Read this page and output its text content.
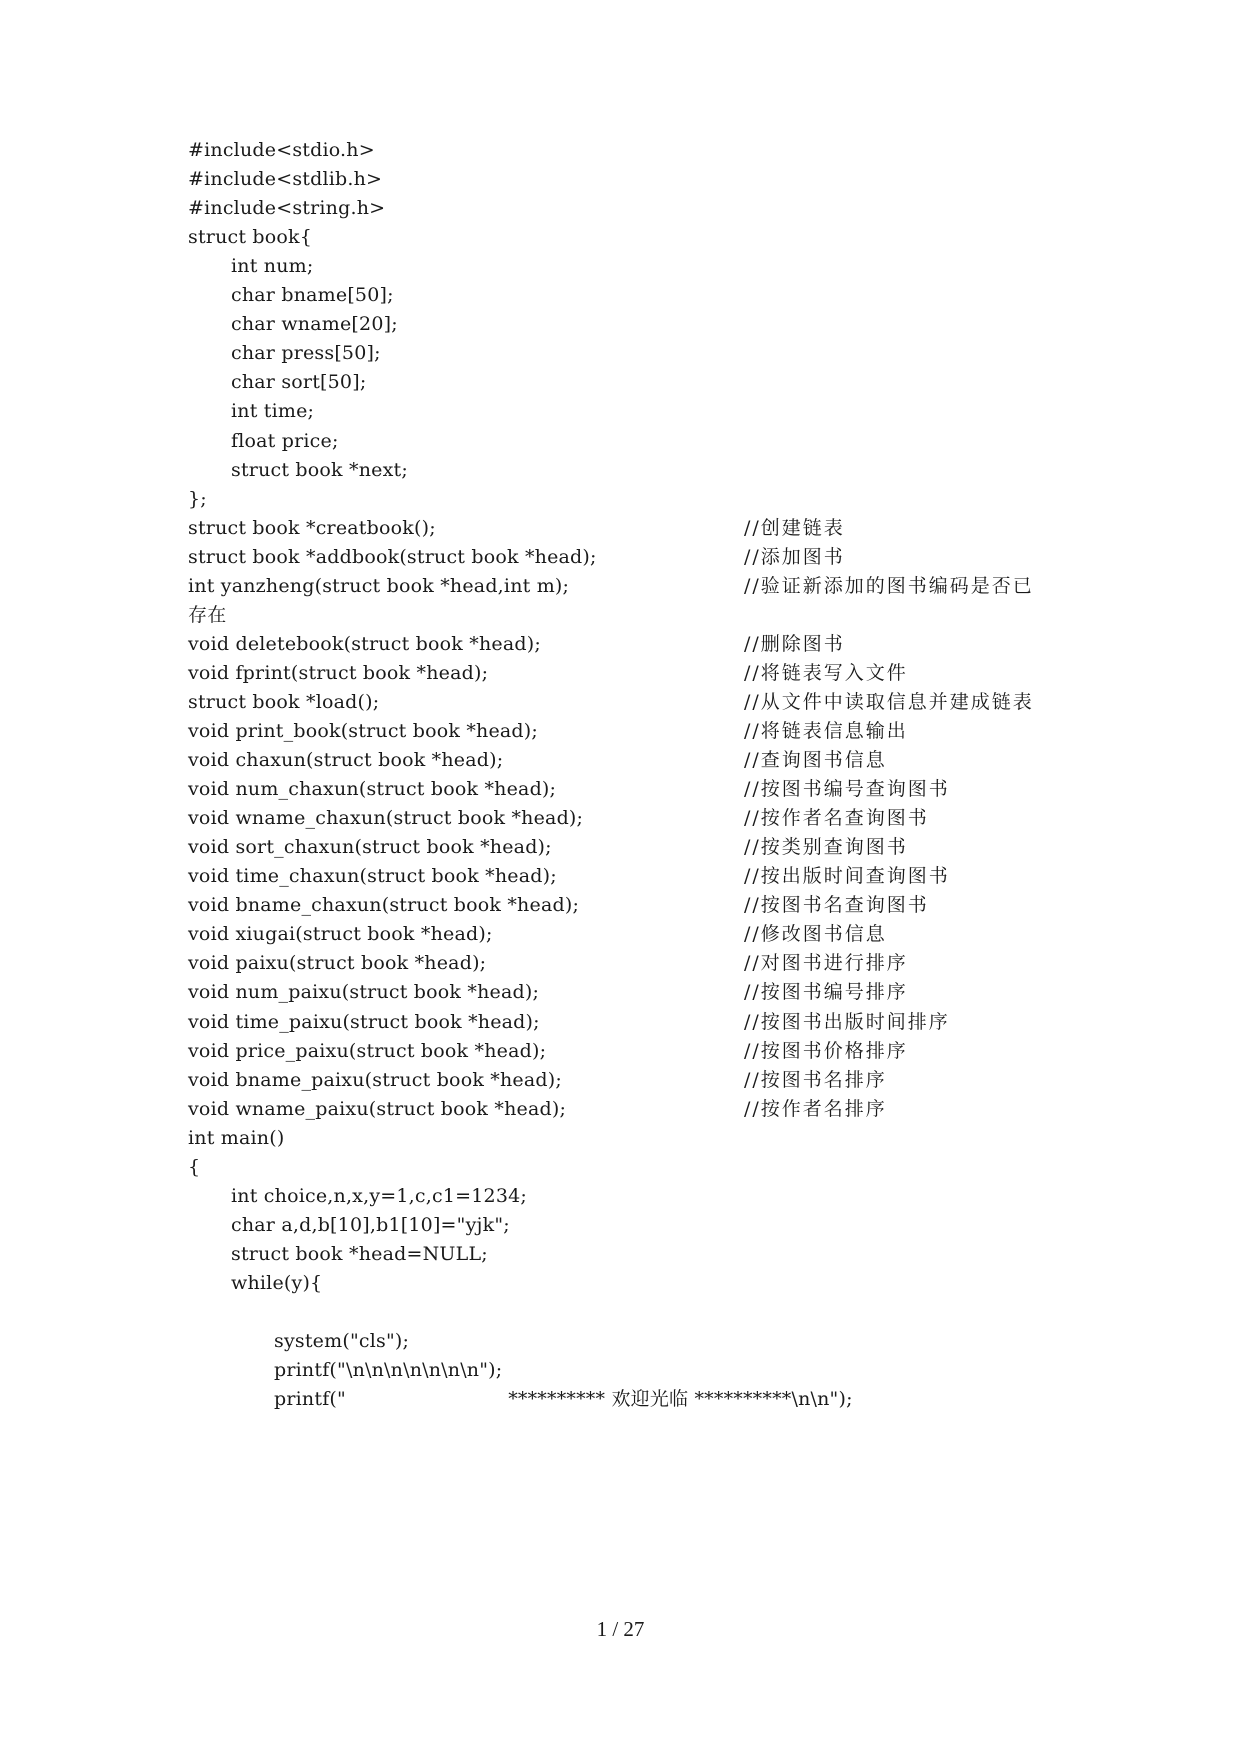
#include<stdio.h>
#include<stdlib.h>
#include<string.h>
struct book{
int num;
char bname[50];
char wname[20];
char press[50];
char sort[50];
int time;
float price;
struct book *next;
};
struct book *creatbook();	//创建链表
struct book *addbook(struct book *head);	//添加图书
int yanzheng(struct book *head,int m);	//验证新添加的图书编码是否已
存在
void deletebook(struct book *head);	//删除图书
void fprint(struct book *head);	//将链表写入文件
struct book *load();	//从文件中读取信息并建成链表
void print_book(struct book *head);	//将链表信息输出
void chaxun(struct book *head);	//查询图书信息
void num_chaxun(struct book *head);	//按图书编号查询图书
void wname_chaxun(struct book *head);	//按作者名查询图书
void sort_chaxun(struct book *head);	//按类别查询图书
void time_chaxun(struct book *head);	//按出版时间查询图书
void bname_chaxun(struct book *head);	//按图书名查询图书
void xiugai(struct book *head);	//修改图书信息
void paixu(struct book *head);	//对图书进行排序
void num_paixu(struct book *head);	//按图书编号排序
void time_paixu(struct book *head);	//按图书出版时间排序
void price_paixu(struct book *head);	//按图书价格排序
void bname_paixu(struct book *head);	//按图书名排序
void wname_paixu(struct book *head);	//按作者名排序
int main()
{
int choice,n,x,y=1,c,c1=1234;
char a,d,b[10],b1[10]="yjk";
struct book *head=NULL;
while(y){
system("cls");
printf("\n\n\n\n\n\n\n");
printf("                          ********** 欢迎光临 **********\n\n");
1 / 27
